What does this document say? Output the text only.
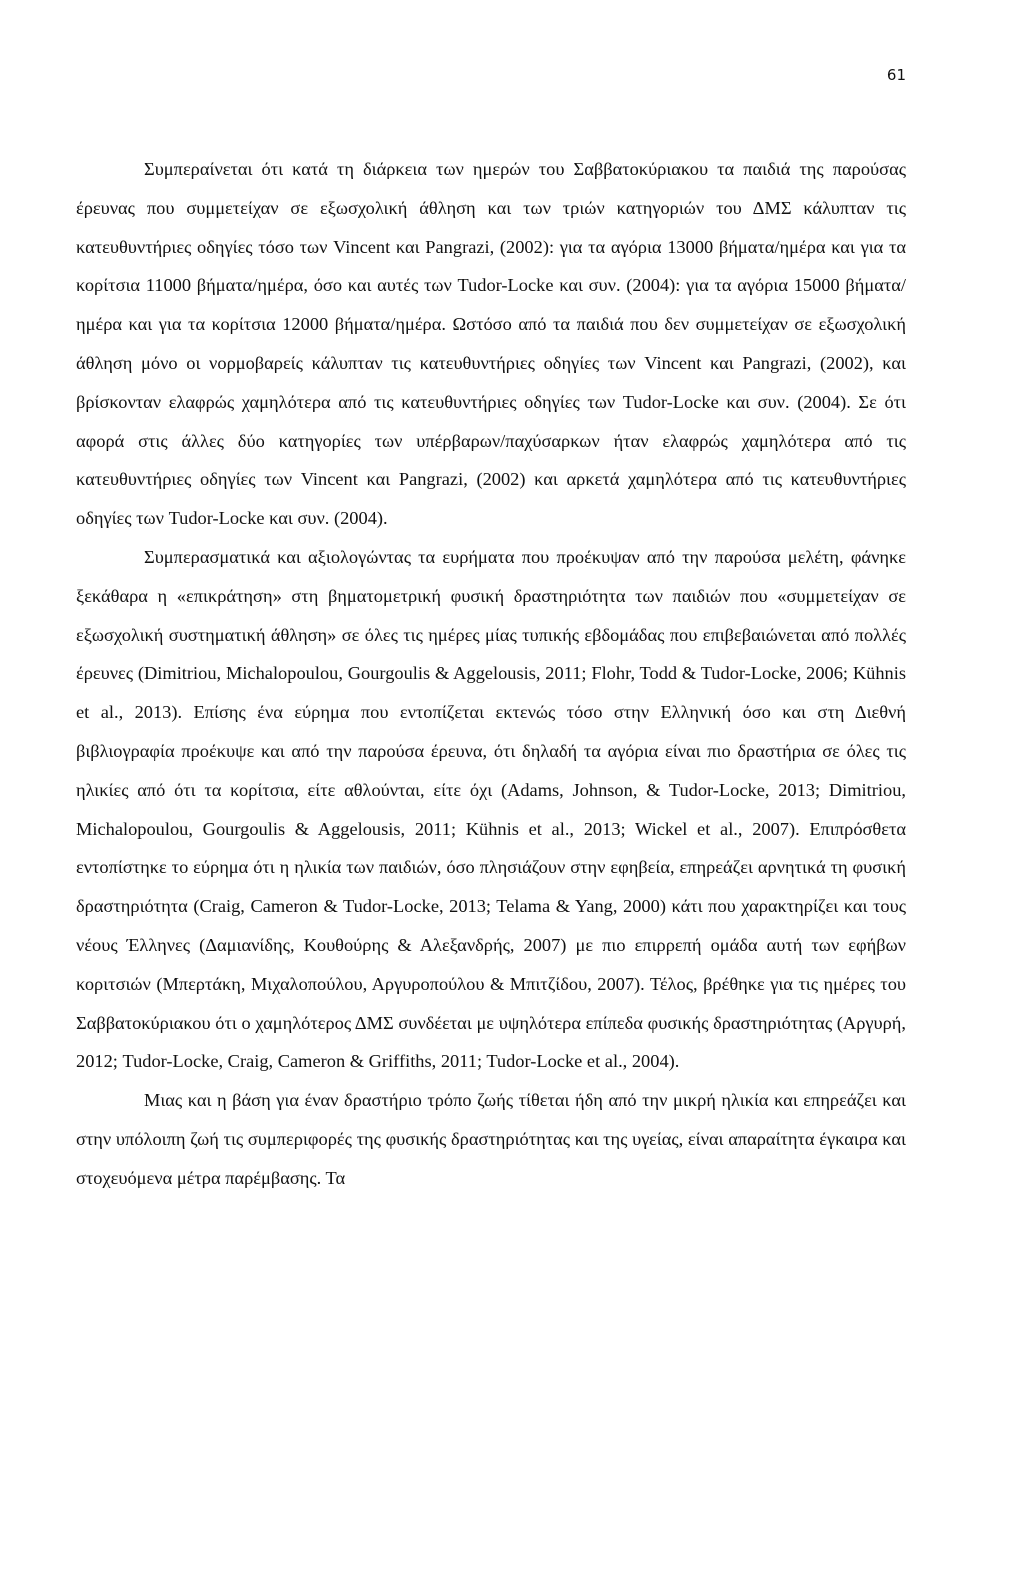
61

Συμπεραίνεται ότι κατά τη διάρκεια των ημερών του Σαββατοκύριακου τα παιδιά της παρούσας έρευνας που συμμετείχαν σε εξωσχολική άθληση και των τριών κατηγοριών του ΔΜΣ κάλυπταν τις κατευθυντήριες οδηγίες τόσο των Vincent και Pangrazi, (2002): για τα αγόρια 13000 βήματα/ημέρα και για τα κορίτσια 11000 βήματα/ημέρα, όσο και αυτές των Tudor-Locke και συν. (2004): για τα αγόρια 15000 βήματα/ημέρα και για τα κορίτσια 12000 βήματα/ημέρα. Ωστόσο από τα παιδιά που δεν συμμετείχαν σε εξωσχολική άθληση μόνο οι νορμοβαρείς κάλυπταν τις κατευθυντήριες οδηγίες των Vincent και Pangrazi, (2002), και βρίσκονταν ελαφρώς χαμηλότερα από τις κατευθυντήριες οδηγίες των Tudor-Locke και συν. (2004). Σε ότι αφορά στις άλλες δύο κατηγορίες των υπέρβαρων/παχύσαρκων ήταν ελαφρώς χαμηλότερα από τις κατευθυντήριες οδηγίες των Vincent και Pangrazi, (2002) και αρκετά χαμηλότερα από τις κατευθυντήριες οδηγίες των Tudor-Locke και συν. (2004).

Συμπερασματικά και αξιολογώντας τα ευρήματα που προέκυψαν από την παρούσα μελέτη, φάνηκε ξεκάθαρα η «επικράτηση» στη βηματομετρική φυσική δραστηριότητα των παιδιών που «συμμετείχαν σε εξωσχολική συστηματική άθληση» σε όλες τις ημέρες μίας τυπικής εβδομάδας που επιβεβαιώνεται από πολλές έρευνες (Dimitriou, Michalopoulou, Gourgoulis & Aggelousis, 2011; Flohr, Todd & Tudor-Locke, 2006; Kühnis et al., 2013). Επίσης ένα εύρημα που εντοπίζεται εκτενώς τόσο στην Ελληνική όσο και στη Διεθνή βιβλιογραφία προέκυψε και από την παρούσα έρευνα, ότι δηλαδή τα αγόρια είναι πιο δραστήρια σε όλες τις ηλικίες από ότι τα κορίτσια, είτε αθλούνται, είτε όχι (Adams, Johnson, & Tudor-Locke, 2013; Dimitriou, Michalopoulou, Gourgoulis & Aggelousis, 2011; Kühnis et al., 2013; Wickel et al., 2007). Επιπρόσθετα εντοπίστηκε το εύρημα ότι η ηλικία των παιδιών, όσο πλησιάζουν στην εφηβεία, επηρεάζει αρνητικά τη φυσική δραστηριότητα (Craig, Cameron & Tudor-Locke, 2013; Telama & Yang, 2000) κάτι που χαρακτηρίζει και τους νέους Έλληνες (Δαμιανίδης, Κουθούρης & Αλεξανδρής, 2007) με πιο επιρρεπή ομάδα αυτή των εφήβων κοριτσιών (Μπερτάκη, Μιχαλοπούλου, Αργυροπούλου & Μπιτζίδου, 2007). Τέλος, βρέθηκε για τις ημέρες του Σαββατοκύριακου ότι ο χαμηλότερος ΔΜΣ συνδέεται με υψηλότερα επίπεδα φυσικής δραστηριότητας (Αργυρή, 2012; Tudor-Locke, Craig, Cameron & Griffiths, 2011; Tudor-Locke et al., 2004).

Μιας και η βάση για έναν δραστήριο τρόπο ζωής τίθεται ήδη από την μικρή ηλικία και επηρεάζει και στην υπόλοιπη ζωή τις συμπεριφορές της φυσικής δραστηριότητας και της υγείας, είναι απαραίτητα έγκαιρα και στοχευόμενα μέτρα παρέμβασης. Τα
